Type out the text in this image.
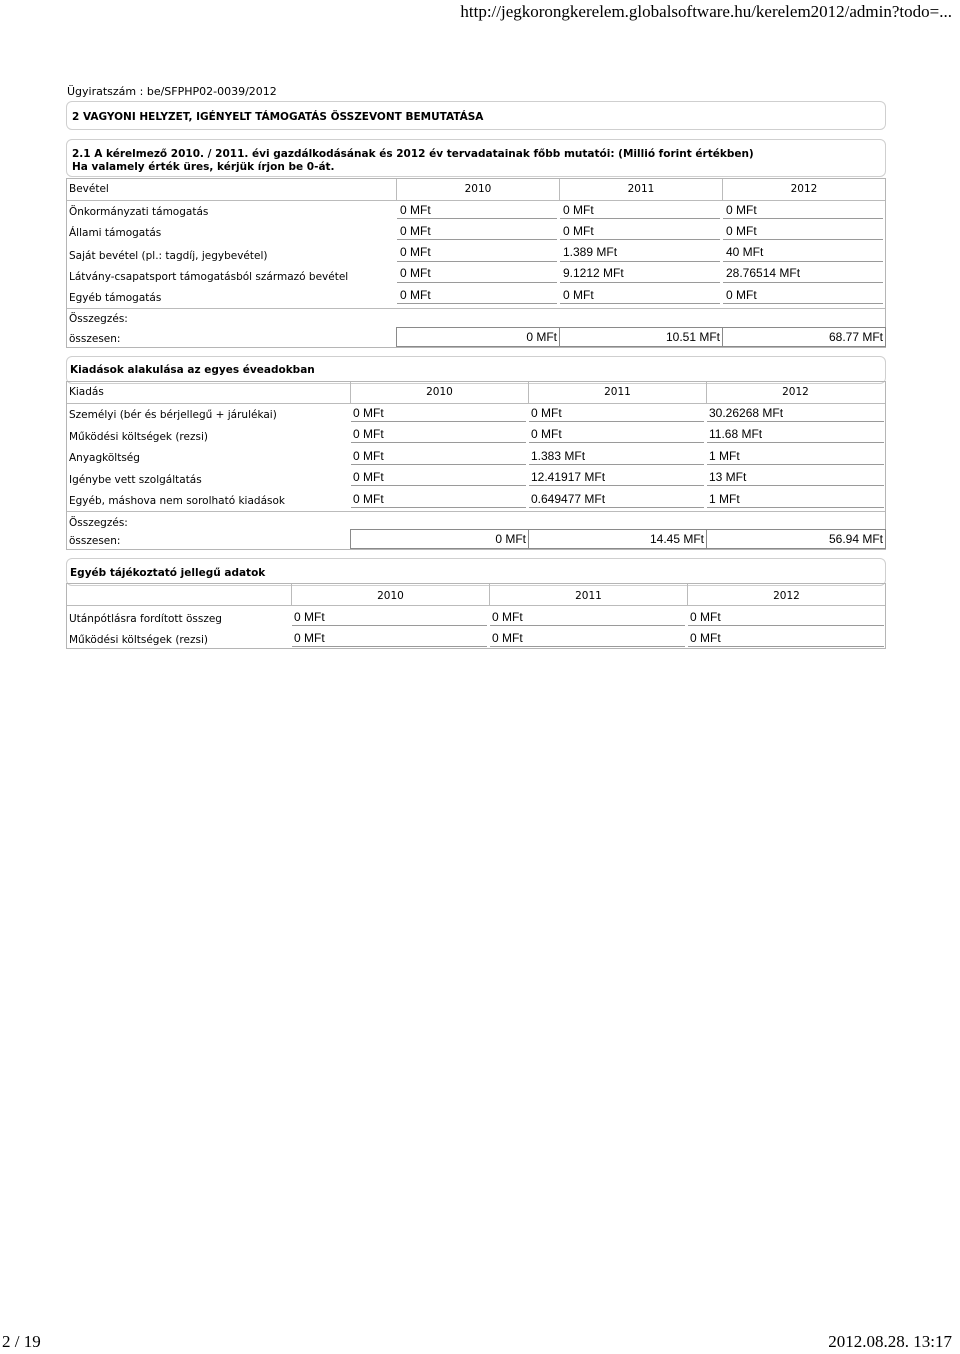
http://jegkorongkerelem.globalsoftware.hu/kerelem2012/admin?todo=...
Ügyiratszám : be/SFPHP02-0039/2012
2 VAGYONI HELYZET, IGÉNYELT TÁMOGATÁS ÖSSZEVONT BEMUTATÁSA
2.1 A kérelmező 2010. / 2011. évi gazdálkodásának és 2012 év tervadatainak főbb mutatói: (Millió forint értékben)
Ha valamely érték üres, kérjük írjon be 0-át.
Bevétel	2010	2011	2012
Önkormányzati támogatás	0 MFt	0 MFt	0 MFt
Állami támogatás	0 MFt	0 MFt	0 MFt
Saját bevétel (pl.: tagdíj, jegybevétel)	0 MFt	1.389 MFt	40 MFt
Látvány-csapatsport támogatásból származó bevétel	0 MFt	9.1212 MFt	28.76514 MFt
Egyéb támogatás	0 MFt	0 MFt	0 MFt
Összegzés:
összesen:	0 MFt	10.51 MFt	68.77 MFt
Kiadások alakulása az egyes éveadokban
Kiadás	2010	2011	2012
Személyi (bér és bérjellegű + járulékai)	0 MFt	0 MFt	30.26268 MFt
Működési költségek (rezsi)	0 MFt	0 MFt	11.68 MFt
Anyagköltség	0 MFt	1.383 MFt	1 MFt
Igénybe vett szolgáltatás	0 MFt	12.41917 MFt	13 MFt
Egyéb, máshova nem sorolható kiadások	0 MFt	0.649477 MFt	1 MFt
Összegzés:
összesen:	0 MFt	14.45 MFt	56.94 MFt
Egyéb tájékoztató jellegű adatok
2010	2011	2012
Utánpótlásra fordított összeg	0 MFt	0 MFt	0 MFt
Működési költségek (rezsi)	0 MFt	0 MFt	0 MFt
2 / 19	2012.08.28. 13:17
